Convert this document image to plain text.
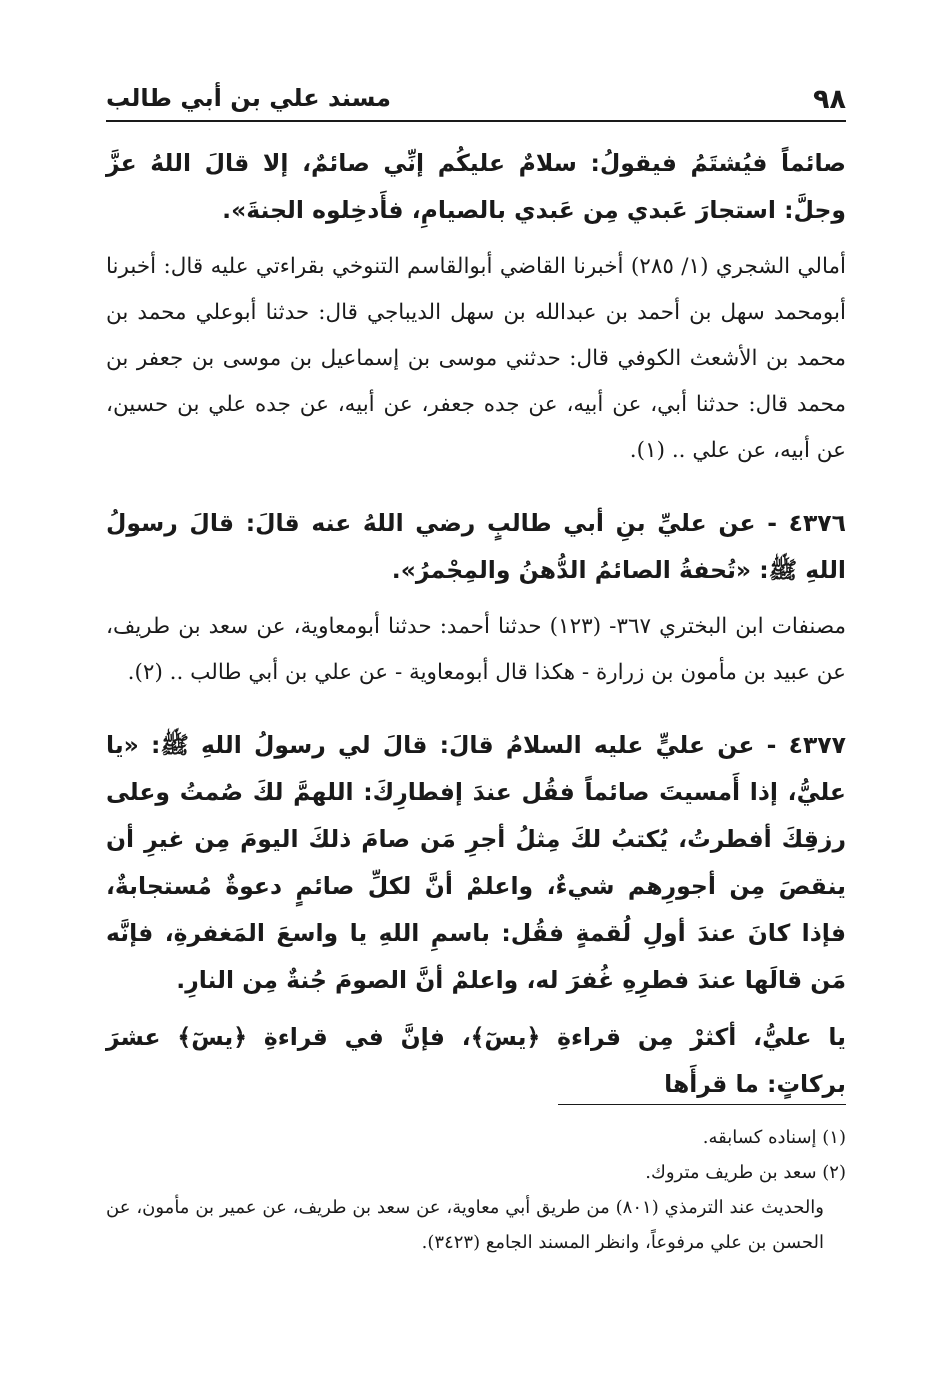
٩٨
مسند علي بن أبي طالب

صائماً فيُشتَمُ فيقولُ: سلامٌ عليكُم إنِّي صائمٌ، إلا قالَ اللهُ عزَّ وجلَّ: استجارَ عَبدي مِن عَبدي بالصيامِ، فأَدخِلوه الجنةَ».

أمالي الشجري (١/ ٢٨٥) أخبرنا القاضي أبوالقاسم التنوخي بقراءتي عليه قال: أخبرنا أبومحمد سهل بن أحمد بن عبدالله بن سهل الديباجي قال: حدثنا أبوعلي محمد بن محمد بن الأشعث الكوفي قال: حدثني موسى بن إسماعيل بن موسى بن جعفر بن محمد قال: حدثنا أبي، عن أبيه، عن جده جعفر، عن أبيه، عن جده علي بن حسين، عن أبيه، عن علي .. (١).

٤٣٧٦ - عن عليِّ بنِ أبي طالبٍ رضي اللهُ عنه قالَ: قالَ رسولُ اللهِ ﷺ: «تُحفةُ الصائمُ الدُّهنُ والمِجْمرُ».

مصنفات ابن البختري ٣٦٧- (١٢٣) حدثنا أحمد: حدثنا أبومعاوية، عن سعد بن طريف، عن عبيد بن مأمون بن زرارة - هكذا قال أبومعاوية - عن علي بن أبي طالب .. (٢).

٤٣٧٧ - عن عليٍّ عليه السلامُ قالَ: قالَ لي رسولُ اللهِ ﷺ: «يا عليُّ، إذا أَمسيتَ صائماً فقُل عندَ إفطارِكَ: اللهمَّ لكَ صُمتُ وعلى رزقِكَ أفطرتُ، يُكتبُ لكَ مِثلُ أجرِ مَن صامَ ذلكَ اليومَ مِن غيرِ أن ينقصَ مِن أجورِهم شيءٌ، واعلمْ أنَّ لكلِّ صائمٍ دعوةٌ مُستجابةٌ، فإذا كانَ عندَ أولِ لُقمةٍ فقُل: باسمِ اللهِ يا واسعَ المَغفرةِ، فإنَّه مَن قالَها عندَ فطرِهِ غُفرَ له، واعلمْ أنَّ الصومَ جُنةٌ مِن النارِ.

يا عليُّ، أكثرْ مِن قراءةِ ﴿يسٓ﴾، فإنَّ في قراءةِ ﴿يسٓ﴾ عشرَ بركاتٍ: ما قرأَها

(١) إسناده كسابقه.

(٢) سعد بن طريف متروك.

والحديث عند الترمذي (٨٠١) من طريق أبي معاوية، عن سعد بن طريف، عن عمير بن مأمون، عن الحسن بن علي مرفوعاً، وانظر المسند الجامع (٣٤٢٣).
